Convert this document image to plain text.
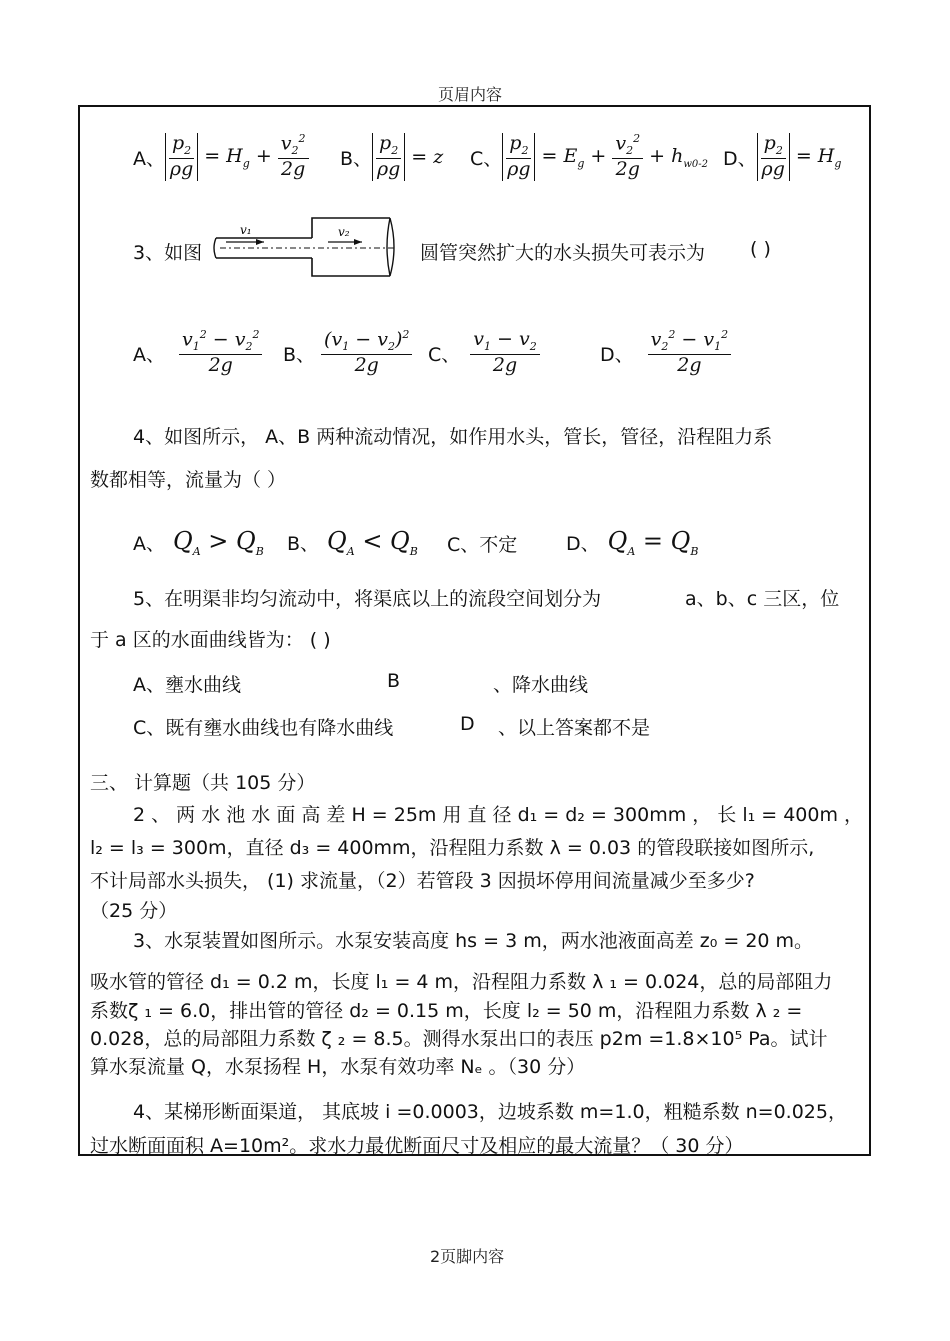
页眉内容
A、 $\frac{p_2}{\rho g} = H_g + \frac{v_2^2}{2g}$ B、 $\frac{p_2}{\rho g} = z$ C、 $\frac{p_2}{\rho g} = E_g + \frac{v_2^2}{2g} + h_{w0-2}$ D、 $\frac{p_2}{\rho g} = H_g$
3、如图
v₁	v₂
圆管突然扩大的水头损失可表示为 ( )
A、 $\frac{v_1^2 - v_2^2}{2g}$ B、 $\frac{(v_1 - v_2)^2}{2g}$ C、 $\frac{v_1 - v_2}{2g}$	D、 $\frac{v_2^2 - v_1^2}{2g}$
4、如图所示， A、B 两种流动情况，如作用水头，管长，管径，沿程阻力系
数都相等，流量为（ ）
A、 $Q_A > Q_B$ B、 $Q_A < Q_B$ C、不定	D、 $Q_A = Q_B$
5、在明渠非均匀流动中，将渠底以上的流段空间划分为	a、b、c 三区，位
于 a 区的水面曲线皆为： ( )
A、壅水曲线	B	、降水曲线
C、既有壅水曲线也有降水曲线	D 、以上答案都不是
三、 计算题（共 105 分）
2 、 两 水 池 水 面 高 差 H = 25m 用 直 径 d₁ = d₂ = 300mm ， 长 l₁ = 400m ，
l₂ = l₃ = 300m，直径 d₃ = 400mm，沿程阻力系数 λ = 0.03 的管段联接如图所示,
不计局部水头损失， (1) 求流量，（2）若管段 3 因损坏停用间流量减少至多少?
（25 分）
3、水泵装置如图所示。水泵安装高度 hs = 3 m，两水池液面高差 z₀ = 20 m。
吸水管的管径 d₁ = 0.2 m，长度 l₁ = 4 m，沿程阻力系数 λ ₁ = 0.024，总的局部阻力
系数ζ ₁ = 6.0，排出管的管径 d₂ = 0.15 m，长度 l₂ = 50 m，沿程阻力系数 λ ₂ =
0.028，总的局部阻力系数 ζ ₂ = 8.5。测得水泵出口的表压 p2m =1.8×10⁵ Pa。试计
算水泵流量 Q，水泵扬程 H，水泵有效功率 Nₑ 。（30 分）
4、某梯形断面渠道， 其底坡 i =0.0003，边坡系数 m=1.0，粗糙系数 n=0.025，
过水断面面积 A=10m²。求水力最优断面尺寸及相应的最大流量？（ 30 分）
2页脚内容
